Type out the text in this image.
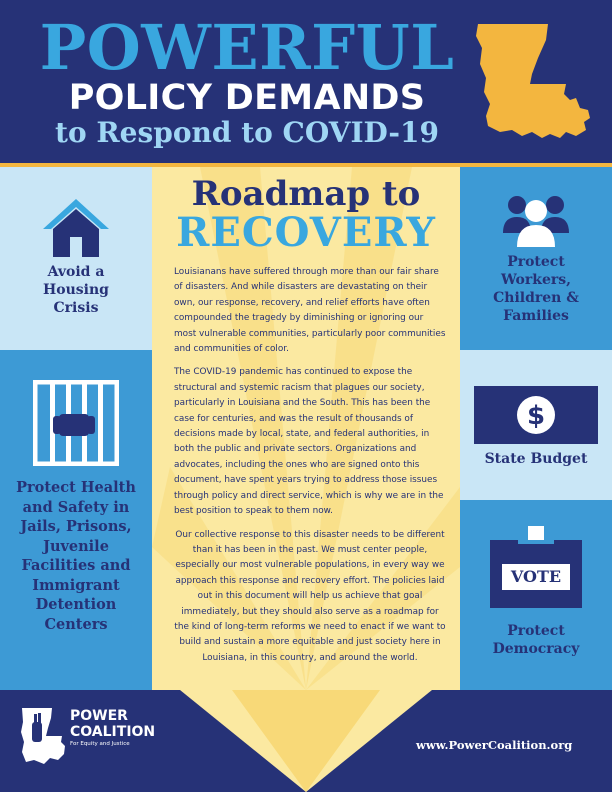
POWERFUL
POLICY DEMANDS
to Respond to COVID-19
Avoid a Housing Crisis
Protect Health and Safety in Jails, Prisons, Juvenile Facilities and Immigrant Detention Centers
Protect Workers, Children & Families
$
State Budget
VOTE
Protect Democracy
Roadmap to
RECOVERY

Louisianans have suffered through more than our fair share of disasters. And while disasters are devastating on their own, our response, recovery, and relief efforts have often compounded the tragedy by diminishing or ignoring our most vulnerable communities, particularly poor communities and communities of color.

The COVID-19 pandemic has continued to expose the structural and systemic racism that plagues our society, particularly in Louisiana and the South. This has been the case for centuries, and was the result of thousands of decisions made by local, state, and federal authorities, in both the public and private sectors. Organizations and advocates, including the ones who are signed onto this document, have spent years trying to address those issues through policy and direct service, which is why we are in the best position to speak to them now.

Our collective response to this disaster needs to be different than it has been in the past. We must center people, especially our most vulnerable populations, in every way we approach this response and recovery effort. The policies laid out in this document will help us achieve that goal immediately, but they should also serve as a roadmap for the kind of long-term reforms we need to enact if we want to build and sustain a more equitable and just society here in Louisiana, in this country, and around the world.

POWER
COALITION
For Equity and Justice	www.PowerCoalition.org
